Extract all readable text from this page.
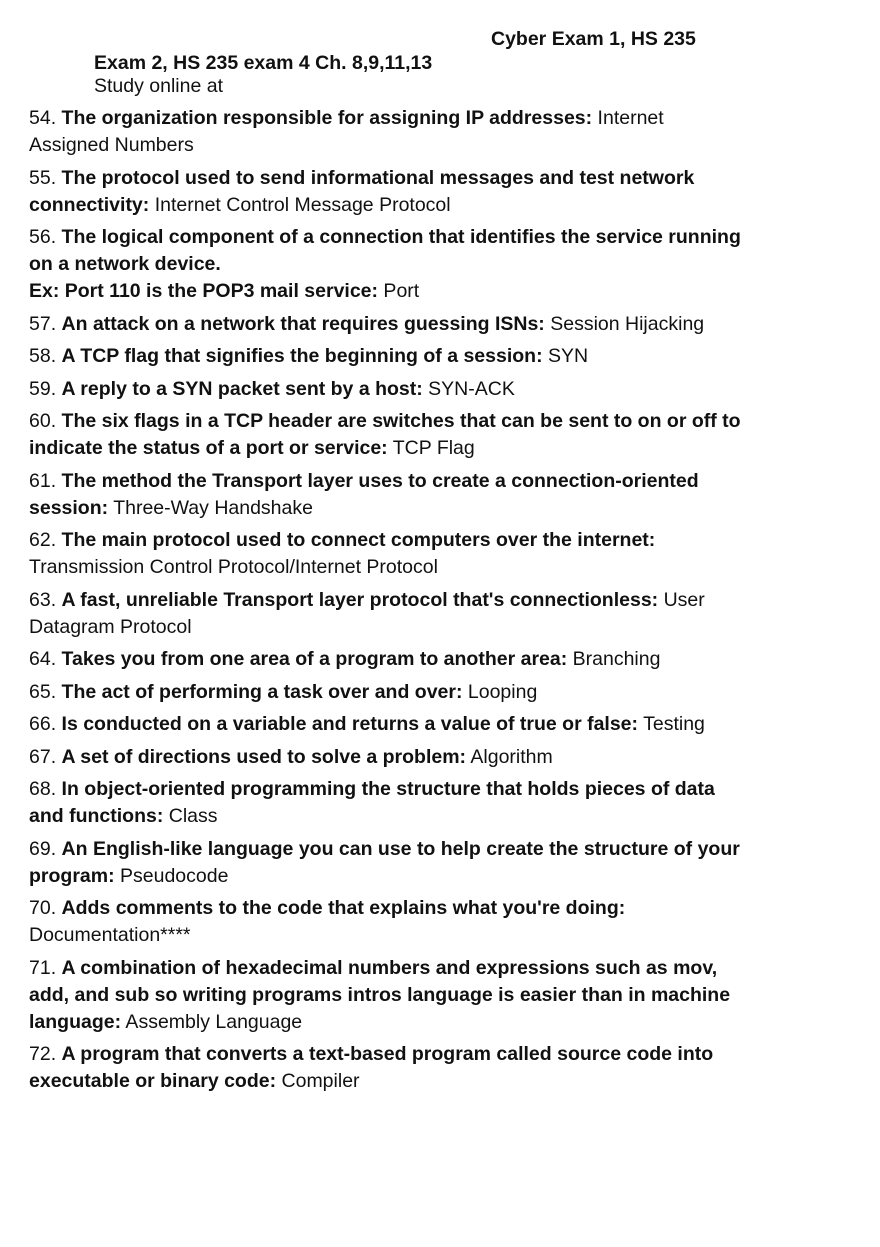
Cyber Exam 1, HS 235
Exam 2, HS 235 exam 4 Ch. 8,9,11,13
Study online at
54. The organization responsible for assigning IP addresses: Internet Assigned Numbers
55. The protocol used to send informational messages and test network connectivity: Internet Control Message Protocol
56. The logical component of a connection that identifies the service running on a network device.
Ex: Port 110 is the POP3 mail service: Port
57. An attack on a network that requires guessing ISNs: Session Hijacking
58. A TCP flag that signifies the beginning of a session: SYN
59. A reply to a SYN packet sent by a host: SYN-ACK
60. The six flags in a TCP header are switches that can be sent to on or off to indicate the status of a port or service: TCP Flag
61. The method the Transport layer uses to create a connection-oriented session: Three-Way Handshake
62. The main protocol used to connect computers over the internet: Transmission Control Protocol/Internet Protocol
63. A fast, unreliable Transport layer protocol that's connectionless: User Datagram Protocol
64. Takes you from one area of a program to another area: Branching
65. The act of performing a task over and over: Looping
66. Is conducted on a variable and returns a value of true or false: Testing
67. A set of directions used to solve a problem: Algorithm
68. In object-oriented programming the structure that holds pieces of data and functions: Class
69. An English-like language you can use to help create the structure of your program: Pseudocode
70. Adds comments to the code that explains what you're doing: Documentation****
71. A combination of hexadecimal numbers and expressions such as mov, add, and sub so writing programs intros language is easier than in machine language: Assembly Language
72. A program that converts a text-based program called source code into executable or binary code: Compiler
